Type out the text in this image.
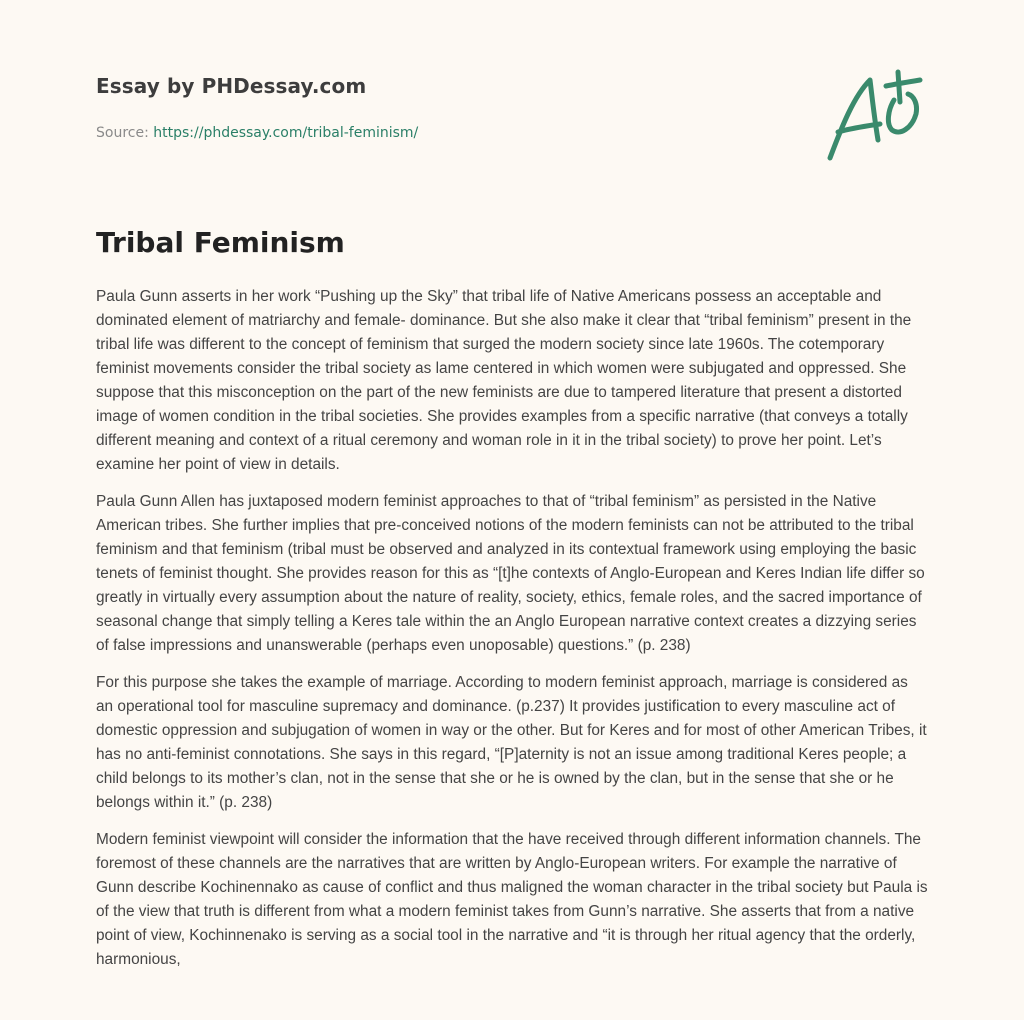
Essay by PHDessay.com
Source: https://phdessay.com/tribal-feminism/
Tribal Feminism

Paula Gunn asserts in her work “Pushing up the Sky” that tribal life of Native Americans possess an acceptable and dominated element of matriarchy and female- dominance. But she also make it clear that “tribal feminism” present in the tribal life was different to the concept of feminism that surged the modern society since late 1960s. The cotemporary feminist movements consider the tribal society as lame centered in which women were subjugated and oppressed. She suppose that this misconception on the part of the new feminists are due to tampered literature that present a distorted image of women condition in the tribal societies. She provides examples from a specific narrative (that conveys a totally different meaning and context of a ritual ceremony and woman role in it in the tribal society) to prove her point. Let’s examine her point of view in details.

Paula Gunn Allen has juxtaposed modern feminist approaches to that of “tribal feminism” as persisted in the Native American tribes. She further implies that pre-conceived notions of the modern feminists can not be attributed to the tribal feminism and that feminism (tribal must be observed and analyzed in its contextual framework using employing the basic tenets of feminist thought. She provides reason for this as “[t]he contexts of Anglo-European and Keres Indian life differ so greatly in virtually every assumption about the nature of reality, society, ethics, female roles, and the sacred importance of seasonal change that simply telling a Keres tale within the an Anglo European narrative context creates a dizzying series of false impressions and unanswerable (perhaps even unoposable) questions.” (p. 238)

For this purpose she takes the example of marriage. According to modern feminist approach, marriage is considered as an operational tool for masculine supremacy and dominance. (p.237) It provides justification to every masculine act of domestic oppression and subjugation of women in way or the other. But for Keres and for most of other American Tribes, it has no anti-feminist connotations. She says in this regard, “[P]aternity is not an issue among traditional Keres people; a child belongs to its mother’s clan, not in the sense that she or he is owned by the clan, but in the sense that she or he belongs within it.” (p. 238)

Modern feminist viewpoint will consider the information that the have received through different information channels. The foremost of these channels are the narratives that are written by Anglo-European writers. For example the narrative of Gunn describe Kochinennako as cause of conflict and thus maligned the woman character in the tribal society but Paula is of the view that truth is different from what a modern feminist takes from Gunn’s narrative. She asserts that from a native point of view, Kochinnenako is serving as a social tool in the narrative and “it is through her ritual agency that the orderly, harmonious,
